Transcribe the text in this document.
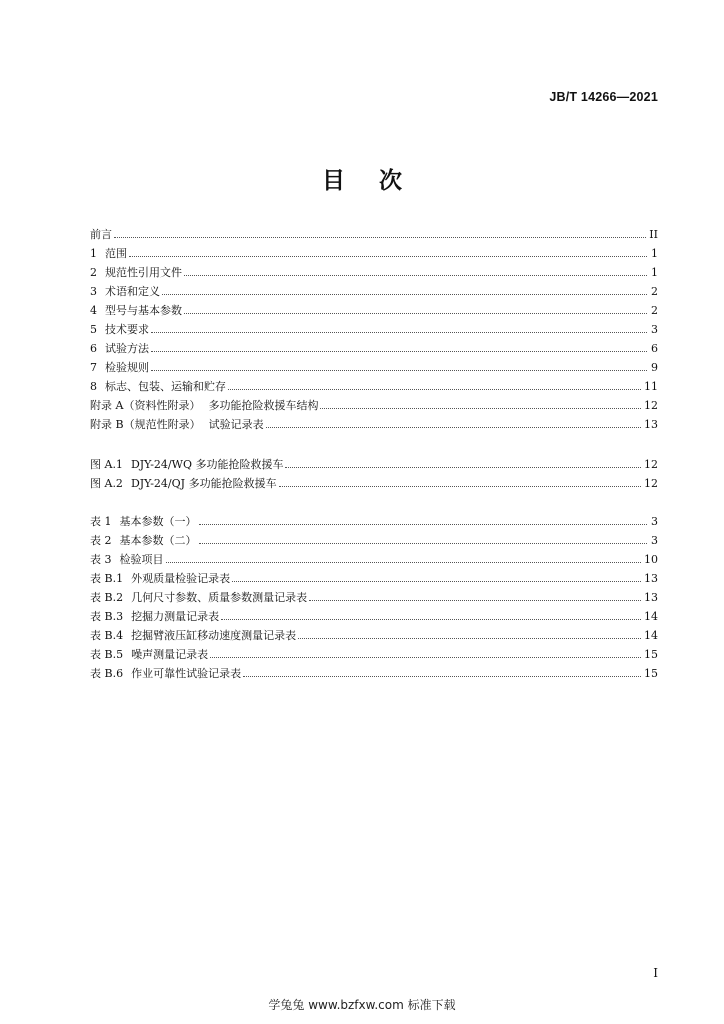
JB/T 14266—2021
目 次
前言	II
1 范围	1
2 规范性引用文件	1
3 术语和定义	2
4 型号与基本参数	2
5 技术要求	3
6 试验方法	6
7 检验规则	9
8 标志、包装、运输和贮存	11
附录 A（资料性附录） 多功能抢险救援车结构	12
附录 B（规范性附录） 试验记录表	13
图 A.1 DJY-24/WQ 多功能抢险救援车	12
图 A.2 DJY-24/QJ 多功能抢险救援车	12
表 1 基本参数（一）	3
表 2 基本参数（二）	3
表 3 检验项目	10
表 B.1 外观质量检验记录表	13
表 B.2 几何尺寸参数、质量参数测量记录表	13
表 B.3 挖掘力测量记录表	14
表 B.4 挖掘臂液压缸移动速度测量记录表	14
表 B.5 噪声测量记录表	15
表 B.6 作业可靠性试验记录表	15
I
学兔兔 www.bzfxw.com 标准下载
